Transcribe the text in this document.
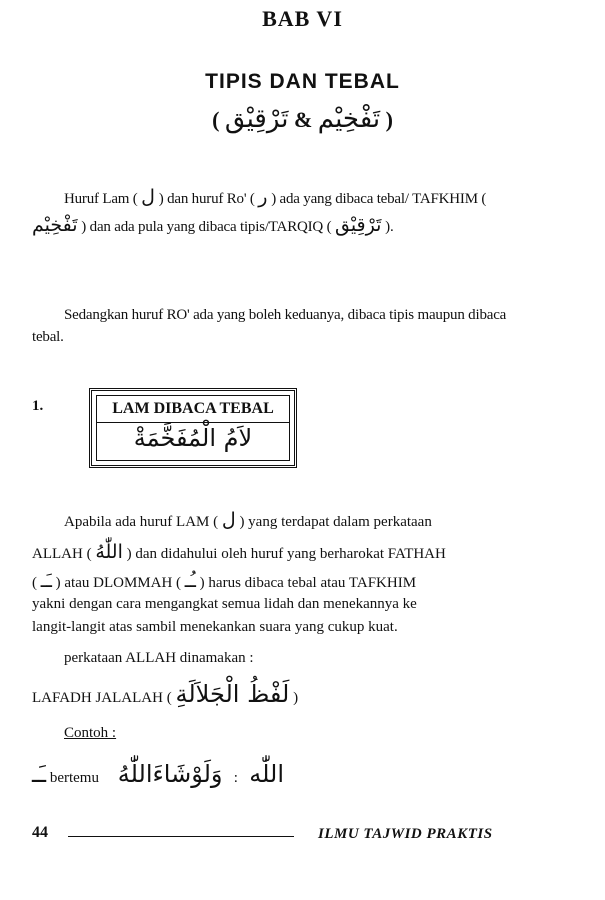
BAB VI
TIPIS DAN TEBAL
(	تَفْخِيْم & تَرْقِيْق	)
Huruf Lam ( ل ) dan huruf Ro' ( ر ) ada yang dibaca tebal/ TAFKHIM ( تَفْخِيْم ) dan ada pula yang dibaca tipis/TARQIQ ( تَرْقِيْق ).
Sedangkan huruf RO' ada yang boleh keduanya, dibaca tipis maupun dibaca tebal.
1.	LAM DIBACA TEBAL
لاَمُ الْمُفَخَّمَةْ
Apabila ada huruf LAM ( ل ) yang terdapat dalam perkataan
ALLAH ( اللّٰهُ ) dan didahului oleh huruf yang berharokat FATHAH
( ـَـ ) atau DLOMMAH ( ـُـ ) harus dibaca tebal atau TAFKHIM
yakni dengan cara mengangkat semua lidah dan menekannya ke
langit-langit atas sambil menekankan suara yang cukup kuat.
perkataan ALLAH dinamakan :
LAFADH JALALAH ( لَفْظُ الْجَلاَلَةِ )
Contoh :
ـَـ bertemu	اللّٰه   :   وَلَوْشَاءَاللّٰهُ
44	ILMU TAJWID PRAKTIS
